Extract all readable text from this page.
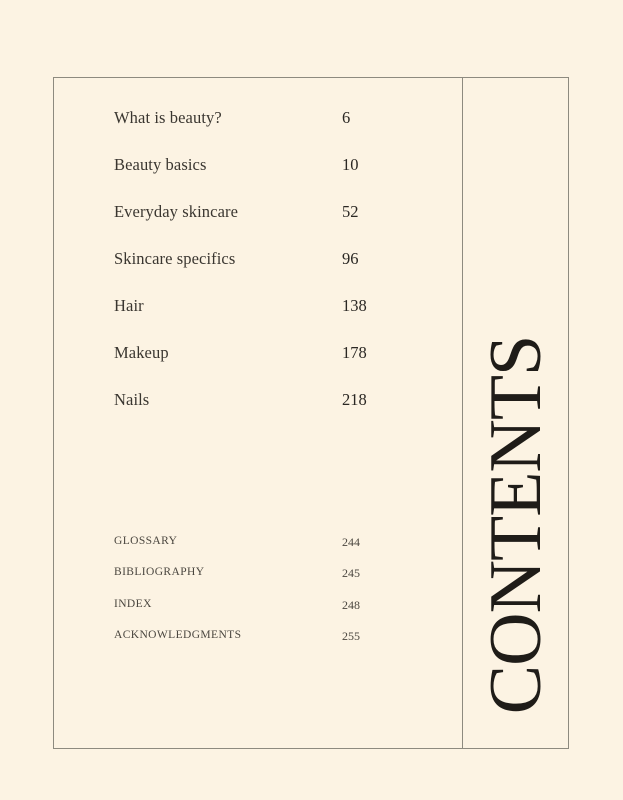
What is beauty?	6
Beauty basics	10
Everyday skincare	52
Skincare specifics	96
Hair	138
Makeup	178
Nails	218
GLOSSARY	244
BIBLIOGRAPHY	245
INDEX	248
ACKNOWLEDGMENTS	255 CONTENTS
